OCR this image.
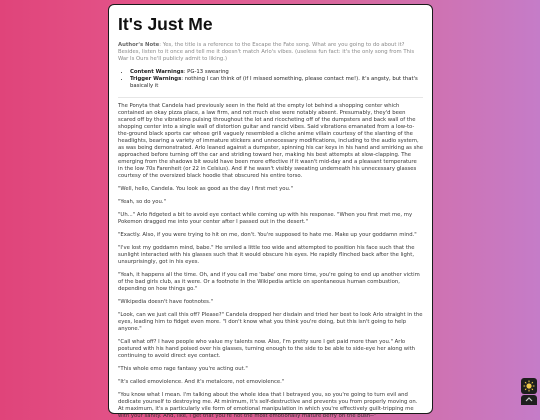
It's Just Me

Author's Note: Yes, the title is a reference to the Escape the Fate song. What are you going to do about it? Besides, listen to it once and tell me it doesn't match Arlo's vibes. (useless fun fact: it's the only song from This War Is Ours he'll publicly admit to liking.)

• Content Warnings: PG-13 swearing
• Trigger Warnings: nothing I can think of (if I missed something, please contact me!). it's angsty, but that's basically it

The Ponyta that Candela had previously seen in the field at the empty lot behind a shopping center which contained an okay pizza place, a law firm, and not much else were notably absent. Presumably, they'd been scared off by the vibrations pulsing throughout the lot and ricocheting off of the dumpsters and back wall of the shopping center into a single wall of distortion guitar and rancid vibes. Said vibrations emanated from a low-to-the-ground black sports car whose grill vaguely resembled a cliche anime villain courtesy of the slanting of the headlights, bearing a variety of immature stickers and unnecessary modifications, including to the audio system, as was being demonstrated. Arlo leaned against a dumpster, spinning his car keys in his hand and smirking as she approached before turning off the car and striding toward her, making his best attempts at slow-clapping. The emerging from the shadows bit would have been more effective if it wasn't mid-day and a pleasant temperature in the low 70s Farenheit (or 22 in Celsius). And if he wasn't visibly sweating underneath his unnecessary glasses courtesy of the oversized black hoodie that obscured his entire torso.

"Well, hello, Candela. You look as good as the day I first met you."

"Yeah, so do you."

"Uh..." Arlo fidgeted a bit to avoid eye contact while coming up with his response. "When you first met me, my Pokemon dragged me into your center after I passed out in the desert."

"Exactly. Also, if you were trying to hit on me, don't. You're supposed to hate me. Make up your goddamn mind."

"I've lost my goddamn mind, babe." He smiled a little too wide and attempted to position his face such that the sunlight interacted with his glasses such that it would obscure his eyes. He rapidly flinched back after the light, unsurprisingly, got in his eyes.

"Yeah, it happens all the time. Oh, and if you call me 'babe' one more time, you're going to end up another victim of the bad girls club, as it were. Or a footnote in the Wikipedia article on spontaneous human combustion, depending on how things go."

"Wikipedia doesn't have footnotes."

"Look, can we just call this off? Please?" Candela dropped her disdain and tried her best to look Arlo straight in the eyes, leading him to fidget even more. "I don't know what you think you're doing, but this isn't going to help anyone."

"Call what off? I have people who value my talents now. Also, I'm pretty sure I get paid more than you." Arlo postured with his hand poised over his glasses, turning enough to the side to be able to side-eye her along with continuing to avoid direct eye contact.

"This whole emo rage fantasy you're acting out."

"It's called emoviolence. And it's metalcore, not emoviolence."

"You know what I mean. I'm talking about the whole idea that I betrayed you, so you're going to turn evil and dedicate yourself to destroying me. At minimum, it's self-destructive and prevents you from properly moving on. At maximum, it's a particularly vile form of emotional manipulation in which you're effectively guilt-tripping me with your sanity. And, like, I get that you're not the most emotionally mature berry on the bush--"
